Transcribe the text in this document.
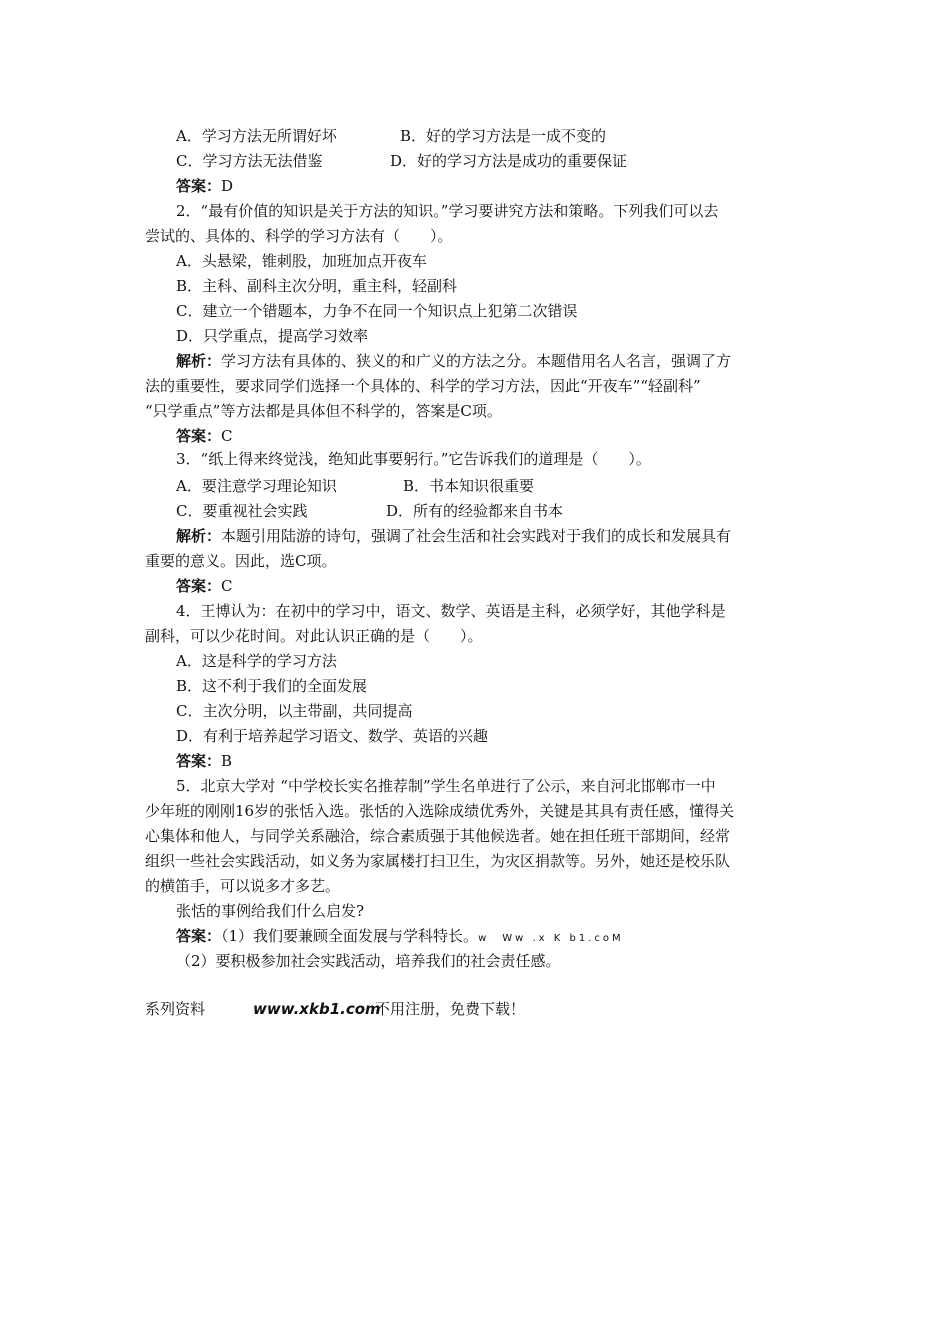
A．学习方法无所谓好坏	B．好的学习方法是一成不变的
C．学习方法无法借鉴	D．好的学习方法是成功的重要保证
答案：D
2．“最有价值的知识是关于方法的知识。”学习要讲究方法和策略。下列我们可以去
尝试的、具体的、科学的学习方法有（　　）。
A．头悬梁，锥刺股，加班加点开夜车
B．主科、副科主次分明，重主科，轻副科
C．建立一个错题本，力争不在同一个知识点上犯第二次错误
D．只学重点，提高学习效率
解析：学习方法有具体的、狭义的和广义的方法之分。本题借用名人名言，强调了方
法的重要性，要求同学们选择一个具体的、科学的学习方法，因此“开夜车”“轻副科”
“只学重点”等方法都是具体但不科学的，答案是C项。
答案：C
3．“纸上得来终觉浅，绝知此事要躬行。”它告诉我们的道理是（　　）。
A．要注意学习理论知识	B．书本知识很重要
C．要重视社会实践	D．所有的经验都来自书本
解析：本题引用陆游的诗句，强调了社会生活和社会实践对于我们的成长和发展具有
重要的意义。因此，选C项。
答案：C
4．王博认为：在初中的学习中，语文、数学、英语是主科，必须学好，其他学科是
副科，可以少花时间。对此认识正确的是（　　）。
A．这是科学的学习方法
B．这不利于我们的全面发展
C．主次分明，以主带副，共同提高
D．有利于培养起学习语文、数学、英语的兴趣
答案：B
5．北京大学对 “中学校长实名推荐制”学生名单进行了公示，来自河北邯郸市一中
少年班的刚刚16岁的张恬入选。张恬的入选除成绩优秀外，关键是其具有责任感，懂得关
心集体和他人，与同学关系融洽，综合素质强于其他候选者。她在担任班干部期间，经常
组织一些社会实践活动，如义务为家属楼打扫卫生，为灾区捐款等。另外，她还是校乐队
的横笛手，可以说多才多艺。
张恬的事例给我们什么启发?
答案：（1）我们要兼顾全面发展与学科特长。w　Ww .x K b1.coM
（2）要积极参加社会实践活动，培养我们的社会责任感。
系列资料	www.xkb1.com
不用注册，免费下载！
